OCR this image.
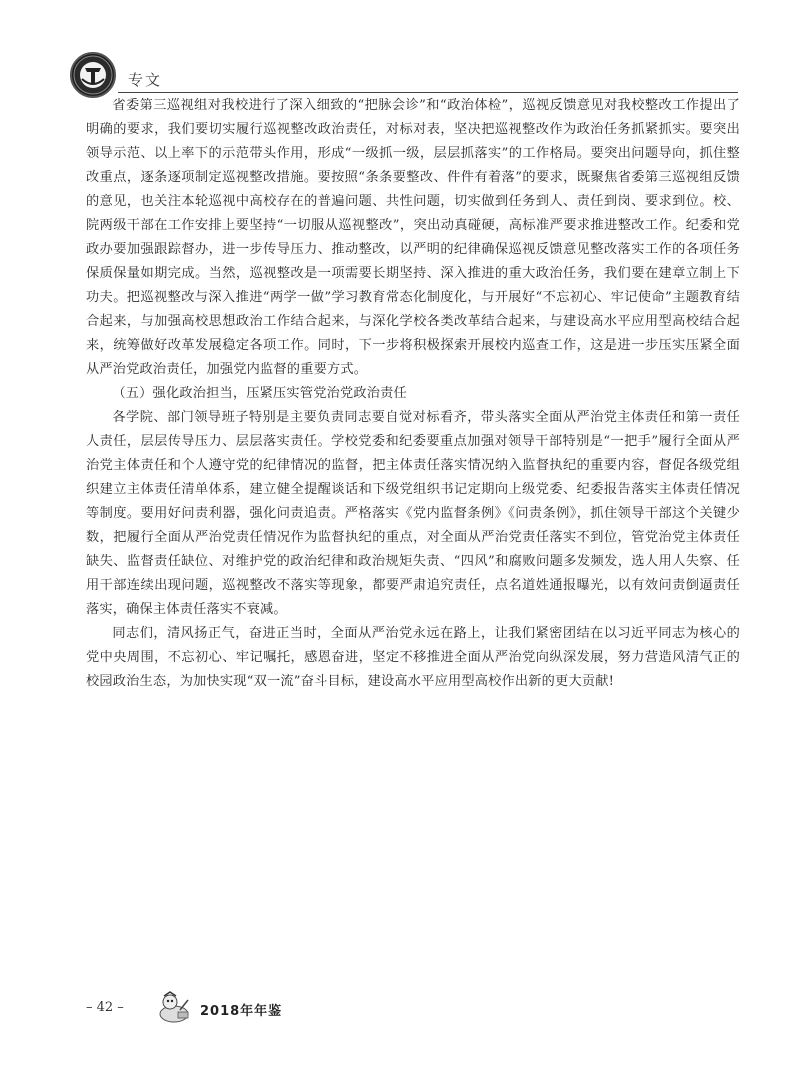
专文

省委第三巡视组对我校进行了深入细致的“把脉会诊”和“政治体检”，巡视反馈意见对我校整改工作提出了明确的要求，我们要切实履行巡视整改政治责任，对标对表，坚决把巡视整改作为政治任务抓紧抓实。要突出领导示范、以上率下的示范带头作用，形成“一级抓一级，层层抓落实”的工作格局。要突出问题导向，抓住整改重点，逐条逐项制定巡视整改措施。要按照“条条要整改、件件有着落”的要求，既聚焦省委第三巡视组反馈的意见，也关注本轮巡视中高校存在的普遍问题、共性问题，切实做到任务到人、责任到岗、要求到位。校、院两级干部在工作安排上要坚持“一切服从巡视整改”，突出动真碰硬，高标准严要求推进整改工作。纪委和党政办要加强跟踪督办，进一步传导压力、推动整改，以严明的纪律确保巡视反馈意见整改落实工作的各项任务保质保量如期完成。当然，巡视整改是一项需要长期坚持、深入推进的重大政治任务，我们要在建章立制上下功夫。把巡视整改与深入推进“两学一做”学习教育常态化制度化，与开展好“不忘初心、牢记使命”主题教育结合起来，与加强高校思想政治工作结合起来，与深化学校各类改革结合起来，与建设高水平应用型高校结合起来，统筹做好改革发展稳定各项工作。同时，下一步将积极探索开展校内巡查工作，这是进一步压实压紧全面从严治党政治责任，加强党内监督的重要方式。

（五）强化政治担当，压紧压实管党治党政治责任

各学院、部门领导班子特别是主要负责同志要自觉对标看齐，带头落实全面从严治党主体责任和第一责任人责任，层层传导压力、层层落实责任。学校党委和纪委要重点加强对领导干部特别是“一把手”履行全面从严治党主体责任和个人遵守党的纪律情况的监督，把主体责任落实情况纳入监督执纪的重要内容，督促各级党组织建立主体责任清单体系，建立健全提醒谈话和下级党组织书记定期向上级党委、纪委报告落实主体责任情况等制度。要用好问责利器，强化问责追责。严格落实《党内监督条例》《问责条例》，抓住领导干部这个关键少数，把履行全面从严治党责任情况作为监督执纪的重点，对全面从严治党责任落实不到位，管党治党主体责任缺失、监督责任缺位、对维护党的政治纪律和政治规矩失责、“四风”和腐败问题多发频发，选人用人失察、任用干部连续出现问题，巡视整改不落实等现象，都要严肃追究责任，点名道姓通报曝光，以有效问责倒逼责任落实，确保主体责任落实不衰减。

同志们，清风扬正气，奋进正当时，全面从严治党永远在路上，让我们紧密团结在以习近平同志为核心的党中央周围，不忘初心、牢记嘱托，感恩奋进，坚定不移推进全面从严治党向纵深发展，努力营造风清气正的校园政治生态，为加快实现“双一流”奋斗目标，建设高水平应用型高校作出新的更大贡献!

– 42 –	2018年年鉴
